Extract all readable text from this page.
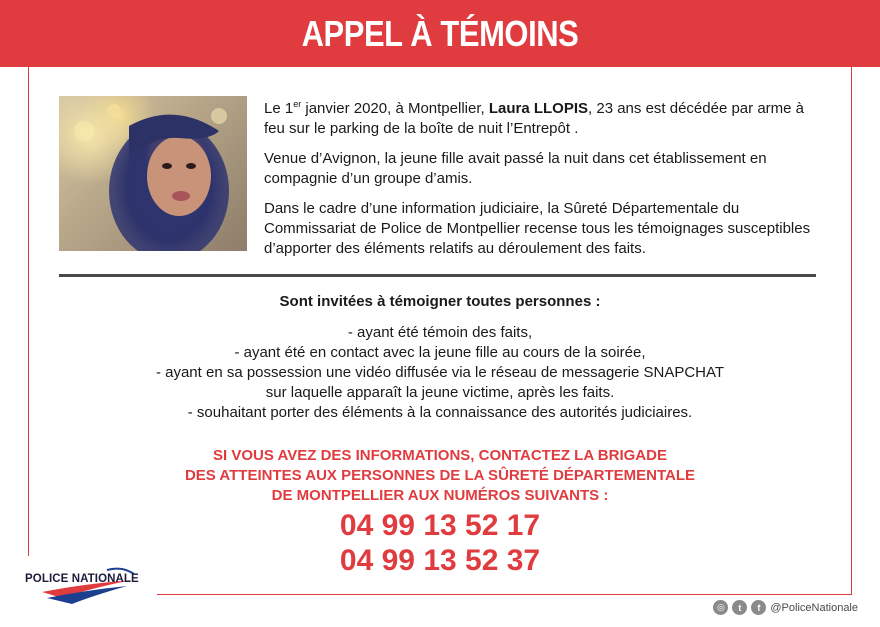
APPEL À TÉMOINS

Le 1er janvier 2020, à Montpellier, Laura LLOPIS, 23 ans est décédée par arme à feu sur le parking de la boîte de nuit l’Entrepôt .

Venue d’Avignon, la jeune fille avait passé la nuit dans cet établissement en compagnie d’un groupe d’amis.

Dans le cadre d’une information judiciaire, la Sûreté Départementale du Commissariat de Police de Montpellier recense tous les témoignages susceptibles d’apporter des éléments relatifs au déroulement des faits.

Sont invitées à témoigner toutes personnes :
- ayant été témoin des faits,
- ayant été en contact avec la jeune fille au cours de la soirée,
- ayant en sa possession une vidéo diffusée via le réseau de messagerie SNAPCHAT
sur laquelle apparaît la jeune victime, après les faits.
- souhaitant porter des éléments à la connaissance des autorités judiciaires.
SI VOUS AVEZ DES INFORMATIONS, CONTACTEZ LA BRIGADE
DES ATTEINTES AUX PERSONNES DE LA SÛRETÉ DÉPARTEMENTALE
DE MONTPELLIER AUX NUMÉROS SUIVANTS :
04 99 13 52 17
04 99 13 52 37
POLICE NATIONALE
◎	t	f @PoliceNationale
